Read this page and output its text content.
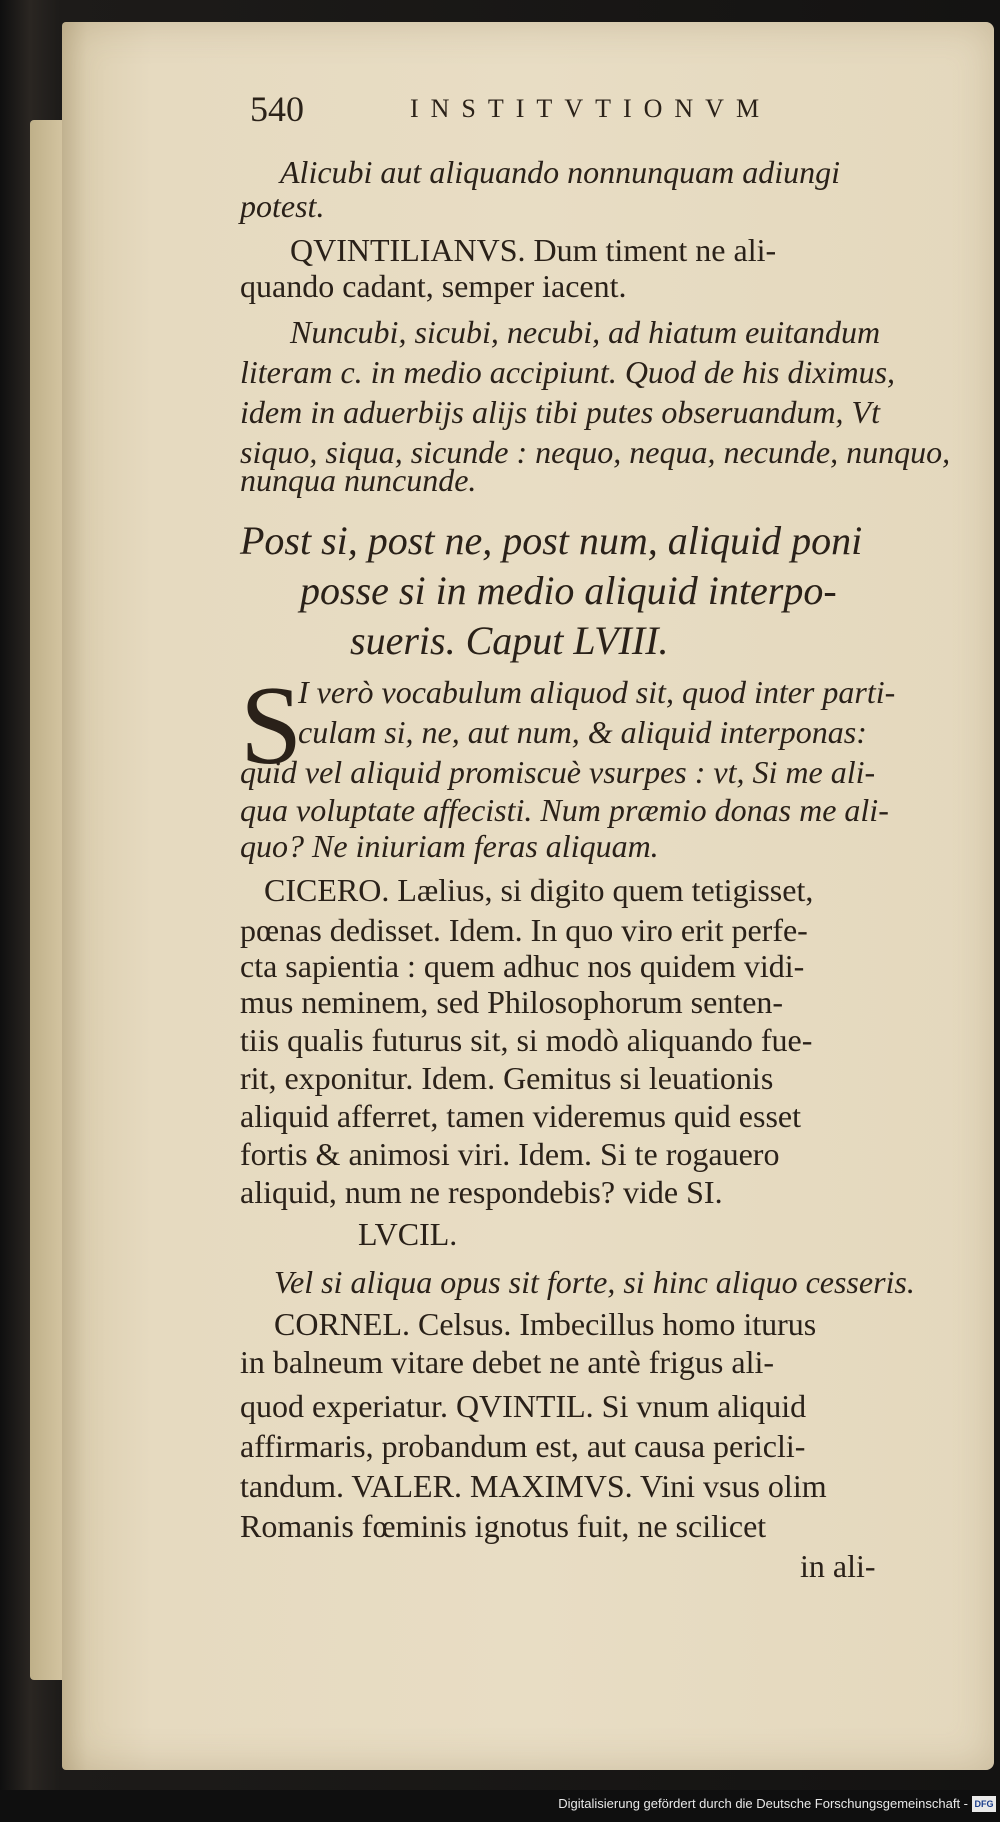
540	INSTITVTIONVM
Alicubi aut aliquando nonnunquam adiungi
potest.
QVINTILIANVS. Dum timent ne ali-
quando cadant, semper iacent.
Nuncubi, sicubi, necubi, ad hiatum euitandum
literam c. in medio accipiunt. Quod de his diximus,
idem in aduerbijs alijs tibi putes obseruandum, Vt
siquo, siqua, sicunde : nequo, nequa, necunde, nunquo,
nunqua nuncunde.
Post si, post ne, post num, aliquid poni
posse si in medio aliquid interpo-
sueris. Caput LVIII.
I verò vocabulum aliquod sit, quod inter parti-
culam si, ne, aut num, & aliquid interponas:
quid vel aliquid promiscuè vsurpes : vt, Si me ali-
qua voluptate affecisti. Num præmio donas me ali-
quo? Ne iniuriam feras aliquam.
CICERO. Lælius, si digito quem tetigisset,
pœnas dedisset. Idem. In quo viro erit perfe-
cta sapientia : quem adhuc nos quidem vidi-
mus neminem, sed Philosophorum senten-
tiis qualis futurus sit, si modò aliquando fue-
rit, exponitur. Idem. Gemitus si leuationis
aliquid afferret, tamen videremus quid esset
fortis & animosi viri. Idem. Si te rogauero
aliquid, num ne respondebis? vide SI.
LVCIL.
Vel si aliqua opus sit forte, si hinc aliquo cesseris.
CORNEL. Celsus. Imbecillus homo iturus
in balneum vitare debet ne antè frigus ali-
quod experiatur. QVINTIL. Si vnum aliquid
affirmaris, probandum est, aut causa pericli-
tandum. VALER. MAXIMVS. Vini vsus olim
Romanis fœminis ignotus fuit, ne scilicet
in ali-
S
Digitalisierung gefördert durch die Deutsche Forschungsgemeinschaft - DFG
